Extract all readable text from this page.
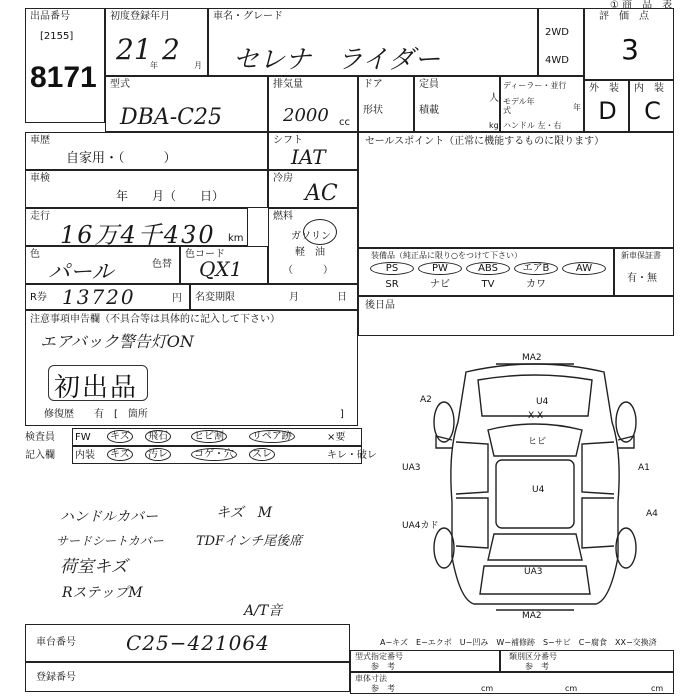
① 商　品　表
出品番号
[2155]
8171
初度登録年月
21
年 2 月
車名・グレード
セレナ　ライダー
2WD
4WD
評　価　点
3
型式
DBA-C25
排気量
2000 cc
ドア
形状
定員
人
積載
kg
ディーラー・並行
モデル年式	年
ハンドル 左・右
外　装
D
内　装
C
車歴
自家用・（　　　）
シフト
IAT
車検
年　　月（　　日）
冷房
AC
走行
16万4千430 km
燃料
ガソリン
軽　油
（　　　）
色
パール	色替
色コード
QX1
R券 13720	円 名変期限	月	日
注意事項申告欄（不具合等は具体的に記入して下さい）
エアバック警告灯ON
初出品
修復歴　　有　[　箇所	]
セールスポイント（正常に機能するものに限ります）
装備品（純正品に限り○をつけて下さい）
PS	PW	ABS	エアB	AW
SR	ナビ	TV	カワ
新車保証書
有・無
後日品
検査員
記入欄
FW	キズ	飛石	ヒビ割	リペア跡	×要
内装	キズ	汚レ	コゲ・穴	スレ	キレ・破レ
ハンドルカバー	キズ　M
サードシートカバー TDFインチ尾後席
荷室キズ
RステップM
A/T音
MA2
A2	U4
X X
ヒビ
UA3	A1
U4
UA4カド
A4
UA3
MA2
A−キズ　E−エクボ　U−凹み　W−補修跡　S−サビ　C−腐食　XX−交換済
車台番号	C25−421064
登録番号
型式指定番号
参　考
類別区分番号
参　考
車体寸法
参　考	cm	cm	cm
